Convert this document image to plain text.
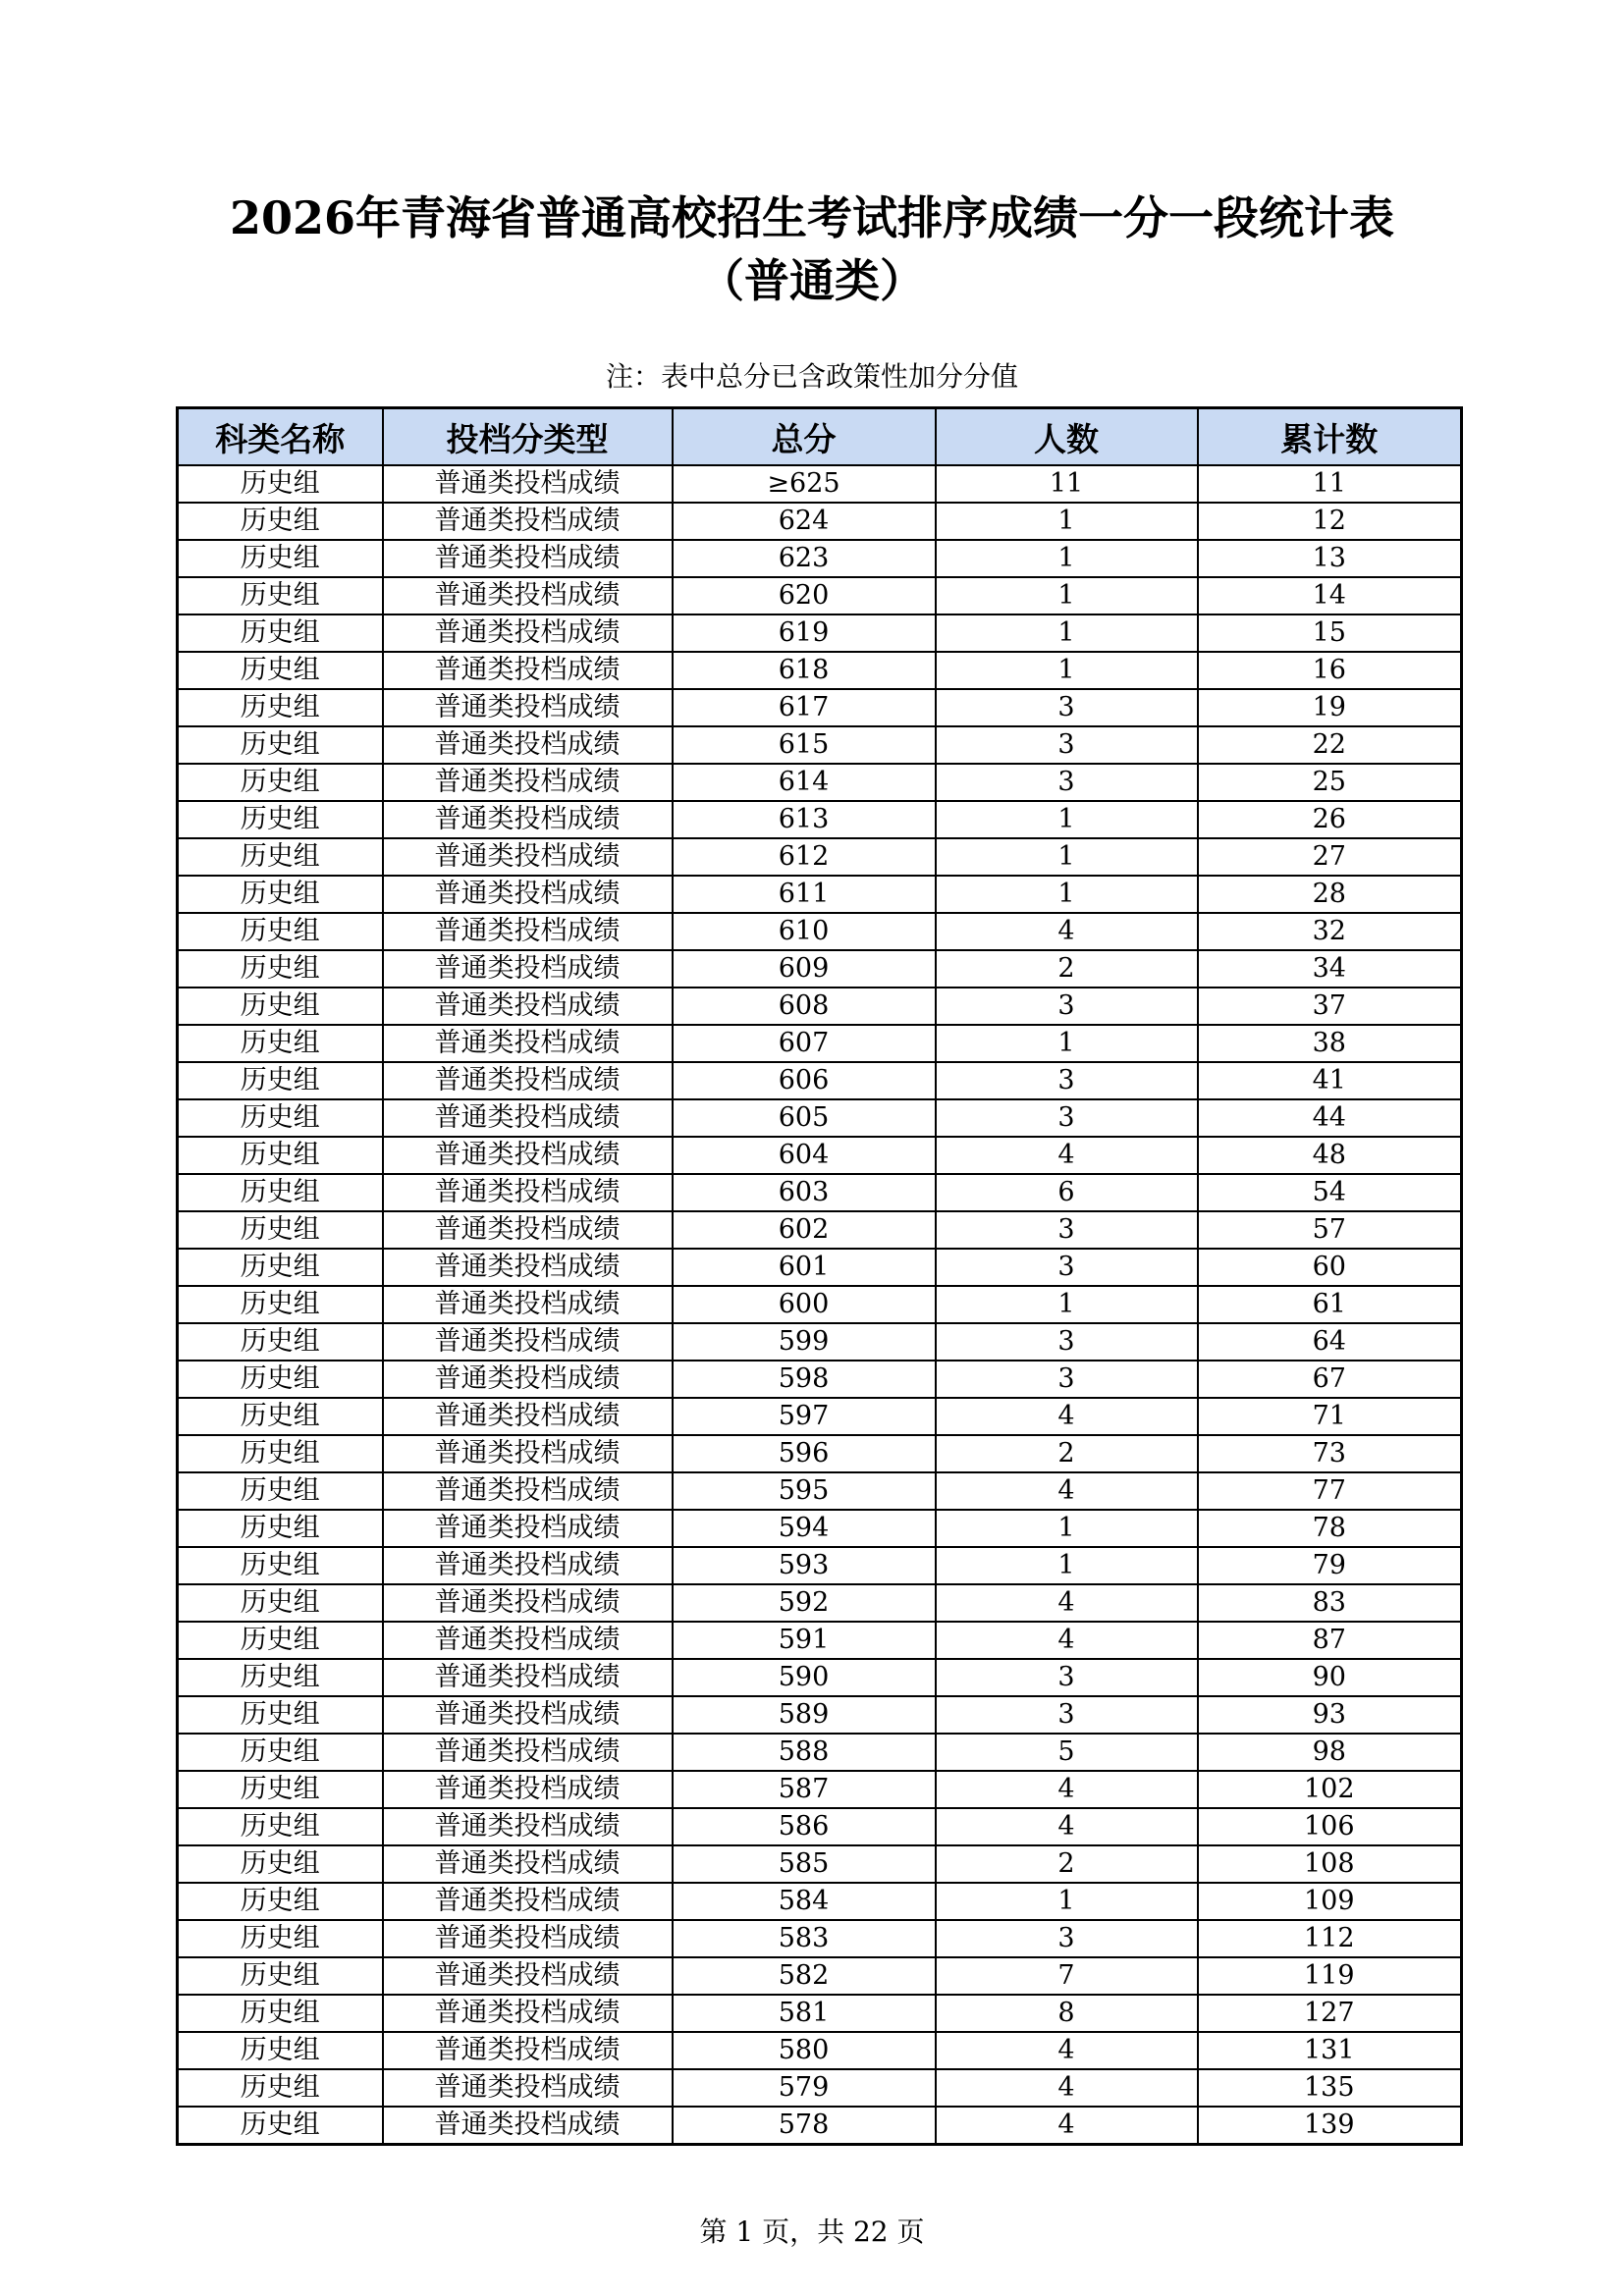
2026年青海省普通高校招生考试排序成绩一分一段统计表
（普通类）
注：表中总分已含政策性加分分值
科类名称	投档分类型	总分	人数	累计数
历史组	普通类投档成绩	≥625	11	11
历史组	普通类投档成绩	624	1	12
历史组	普通类投档成绩	623	1	13
历史组	普通类投档成绩	620	1	14
历史组	普通类投档成绩	619	1	15
历史组	普通类投档成绩	618	1	16
历史组	普通类投档成绩	617	3	19
历史组	普通类投档成绩	615	3	22
历史组	普通类投档成绩	614	3	25
历史组	普通类投档成绩	613	1	26
历史组	普通类投档成绩	612	1	27
历史组	普通类投档成绩	611	1	28
历史组	普通类投档成绩	610	4	32
历史组	普通类投档成绩	609	2	34
历史组	普通类投档成绩	608	3	37
历史组	普通类投档成绩	607	1	38
历史组	普通类投档成绩	606	3	41
历史组	普通类投档成绩	605	3	44
历史组	普通类投档成绩	604	4	48
历史组	普通类投档成绩	603	6	54
历史组	普通类投档成绩	602	3	57
历史组	普通类投档成绩	601	3	60
历史组	普通类投档成绩	600	1	61
历史组	普通类投档成绩	599	3	64
历史组	普通类投档成绩	598	3	67
历史组	普通类投档成绩	597	4	71
历史组	普通类投档成绩	596	2	73
历史组	普通类投档成绩	595	4	77
历史组	普通类投档成绩	594	1	78
历史组	普通类投档成绩	593	1	79
历史组	普通类投档成绩	592	4	83
历史组	普通类投档成绩	591	4	87
历史组	普通类投档成绩	590	3	90
历史组	普通类投档成绩	589	3	93
历史组	普通类投档成绩	588	5	98
历史组	普通类投档成绩	587	4	102
历史组	普通类投档成绩	586	4	106
历史组	普通类投档成绩	585	2	108
历史组	普通类投档成绩	584	1	109
历史组	普通类投档成绩	583	3	112
历史组	普通类投档成绩	582	7	119
历史组	普通类投档成绩	581	8	127
历史组	普通类投档成绩	580	4	131
历史组	普通类投档成绩	579	4	135
历史组	普通类投档成绩	578	4	139
第 1 页，共 22 页
